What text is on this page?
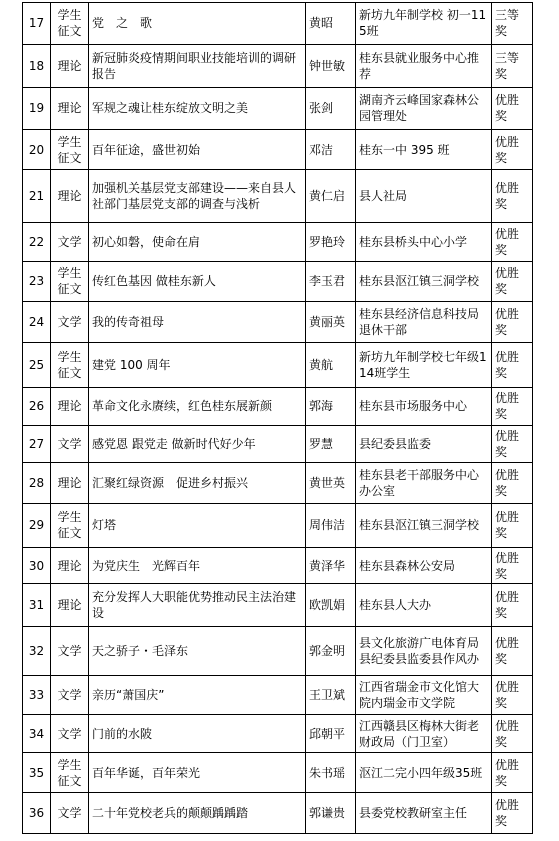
17	学生征文	党　之　歌	黄昭	新坊九年制学校 初一115班	三等奖
18	理论	新冠肺炎疫情期间职业技能培训的调研报告	钟世敏	桂东县就业服务中心推荐	三等奖
19	理论	军规之魂让桂东绽放文明之美	张剑	湖南齐云峰国家森林公园管理处	优胜奖
20	学生征文	百年征途，盛世初始	邓洁	桂东一中 395 班	优胜奖
21	理论	加强机关基层党支部建设——来自县人社部门基层党支部的调查与浅析	黄仁启	县人社局	优胜奖
22	文学	初心如磐，使命在肩	罗艳玲	桂东县桥头中心小学	优胜奖
23	学生征文	传红色基因 做桂东新人	李玉君	桂东县沤江镇三洞学校	优胜奖
24	文学	我的传奇祖母	黄丽英	桂东县经济信息科技局退休干部	优胜奖
25	学生征文	建党 100 周年	黄航	新坊九年制学校七年级114班学生	优胜奖
26	理论	革命文化永赓续，红色桂东展新颜	郭海	桂东县市场服务中心	优胜奖
27	文学	感党恩 跟党走 做新时代好少年	罗慧	县纪委县监委	优胜奖
28	理论	汇聚红绿资源　促进乡村振兴	黄世英	桂东县老干部服务中心办公室	优胜奖
29	学生征文	灯塔	周伟洁	桂东县沤江镇三洞学校	优胜奖
30	理论	为党庆生　光辉百年	黄泽华	桂东县森林公安局	优胜奖
31	理论	充分发挥人大职能优势推动民主法治建设	欧凯娟	桂东县人大办	优胜奖
32	文学	天之骄子・毛泽东	郭金明	县文化旅游广电体育局县纪委县监委县作风办	优胜奖
33	文学	亲历“萧国庆”	王卫斌	江西省瑞金市文化馆大院内瑞金市文学院	优胜奖
34	文学	门前的水陂	邱朝平	江西赣县区梅林大街老财政局（门卫室）	优胜奖
35	学生征文	百年华诞，百年荣光	朱书瑶	沤江二完小四年级35班	优胜奖
36	文学	二十年党校老兵的颠颠踽踽踏	郭谦贵	县委党校教研室主任	优胜奖
